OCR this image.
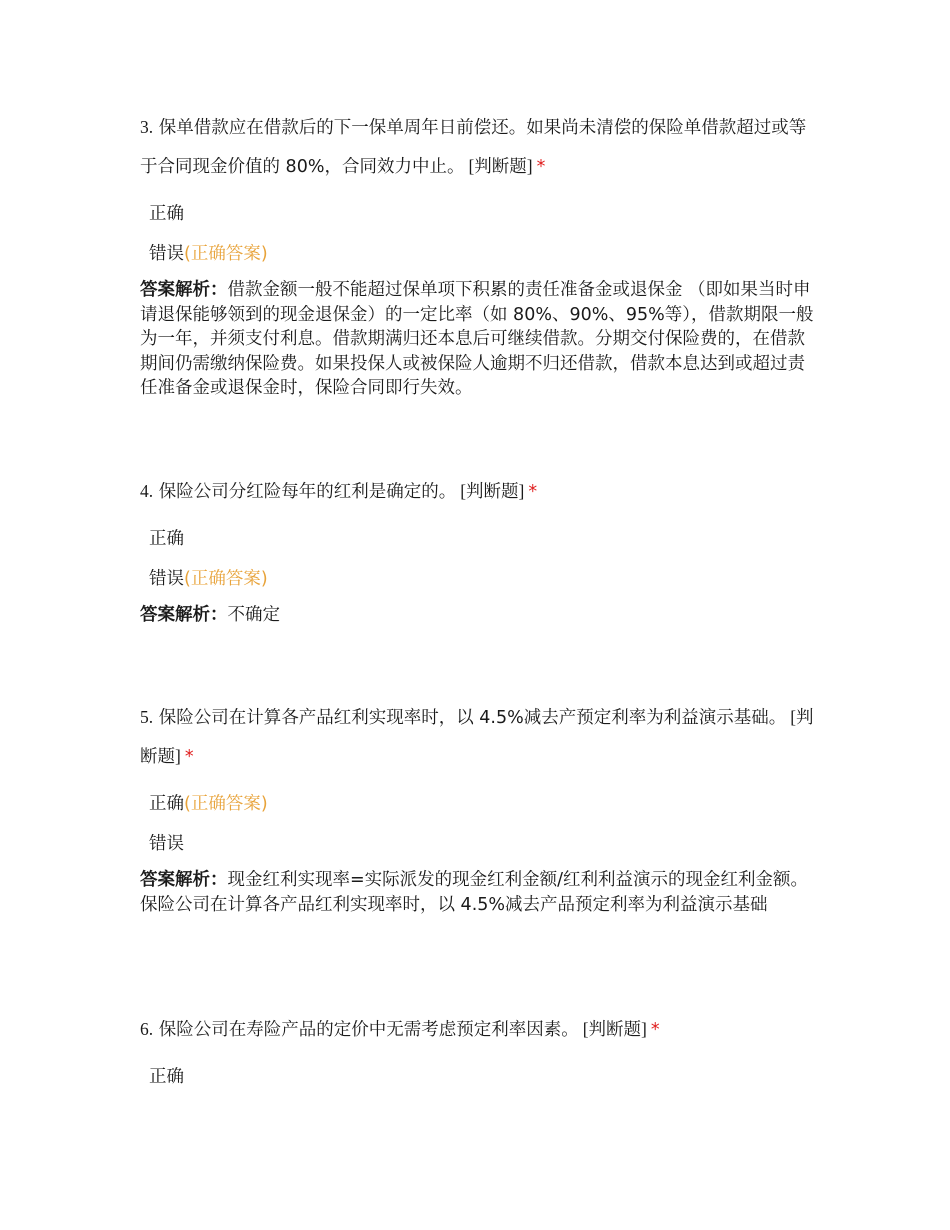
3. 保单借款应在借款后的下一保单周年日前偿还。如果尚未清偿的保险单借款超过或等于合同现金价值的 80%，合同效力中止。 [判断题] *

正确
错误(正确答案)

答案解析：借款金额一般不能超过保单项下积累的责任准备金或退保金 （即如果当时申请退保能够领到的现金退保金）的一定比率（如 80%、90%、95%等），借款期限一般为一年，并须支付利息。借款期满归还本息后可继续借款。分期交付保险费的，在借款期间仍需缴纳保险费。如果投保人或被保险人逾期不归还借款，借款本息达到或超过责任准备金或退保金时，保险合同即行失效。

4. 保险公司分红险每年的红利是确定的。 [判断题] *

正确
错误(正确答案)

答案解析：不确定

5. 保险公司在计算各产品红利实现率时，以 4.5%减去产预定利率为利益演示基础。 [判断题] *

正确(正确答案)
错误

答案解析：现金红利实现率=实际派发的现金红利金额/红利利益演示的现金红利金额。保险公司在计算各产品红利实现率时，以 4.5%减去产品预定利率为利益演示基础

6. 保险公司在寿险产品的定价中无需考虑预定利率因素。 [判断题] *

正确
